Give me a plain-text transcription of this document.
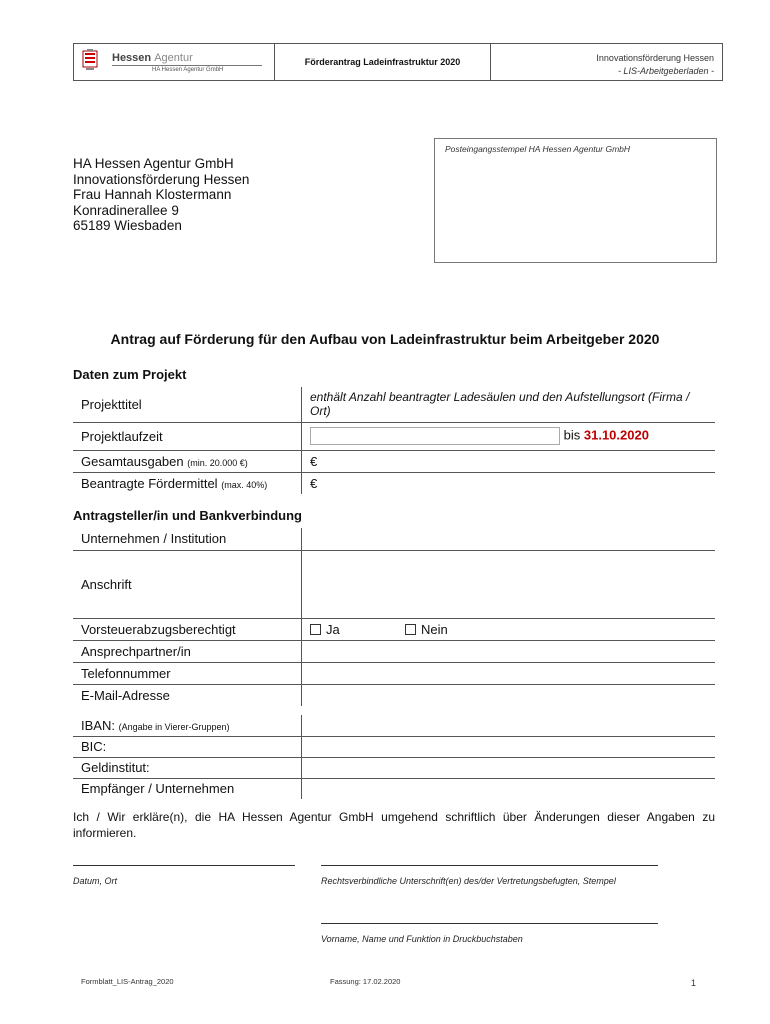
Hessen Agentur
HA Hessen Agentur GmbH
Förderantrag Ladeinfrastruktur 2020	Innovationsförderung Hessen
- LIS-Arbeitgeberladen -
HA Hessen Agentur GmbH
Innovationsförderung Hessen
Frau Hannah Klostermann
Konradinerallee 9
65189 Wiesbaden
Posteingangsstempel HA Hessen Agentur GmbH
Antrag auf Förderung für den Aufbau von Ladeinfrastruktur beim Arbeitgeber 2020
Daten zum Projekt
Projekttitel	enthält Anzahl beantragter Ladesäulen und den Aufstellungsort (Firma / Ort)

Projektlaufzeit	bis 31.10.2020
Gesamtausgaben (min. 20.000 €)	€
Beantragte Fördermittel (max. 40%)	€
Antragsteller/in und Bankverbindung
Unternehmen / Institution	
Anschrift	
Vorsteuerabzugsberechtigt	Ja Nein
Ansprechpartner/in	
Telefonnummer	
E-Mail-Adresse	
IBAN: (Angabe in Vierer-Gruppen)	
BIC:	
Geldinstitut:	
Empfänger / Unternehmen	
Ich / Wir erkläre(n), die HA Hessen Agentur GmbH umgehend schriftlich über Änderungen dieser Angaben zu informieren.
Datum, Ort	Rechtsverbindliche Unterschrift(en) des/der Vertretungsbefugten, Stempel
Vorname, Name und Funktion in Druckbuchstaben
Formblatt_LIS-Antrag_2020	Fassung: 17.02.2020	1
